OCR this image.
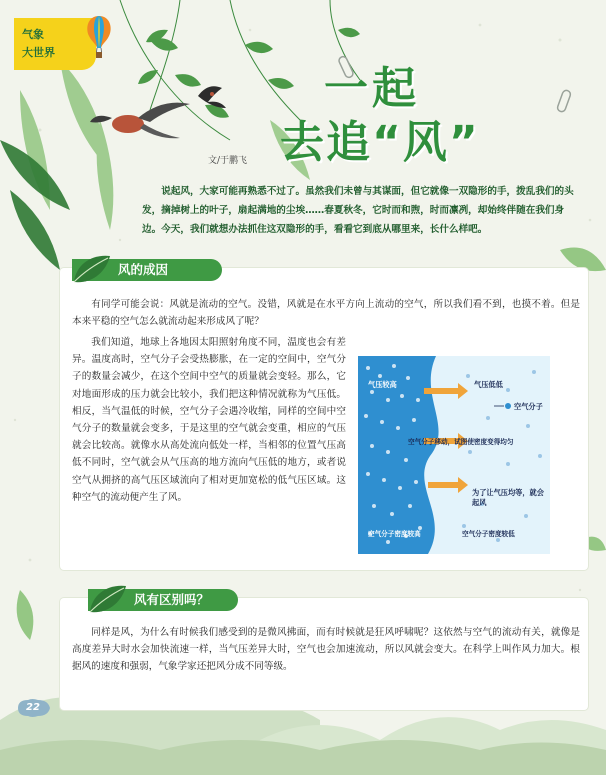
气象
大世界
一起
去追“风”
文/于鹏飞

说起风，大家可能再熟悉不过了。虽然我们未曾与其谋面，但它就像一双隐形的手，拨乱我们的头发，摘掉树上的叶子，扇起满地的尘埃……春夏秋冬，它时而和煦，时而凛冽，却始终伴随在我们身边。今天，我们就想办法抓住这双隐形的手，看看它到底从哪里来，长什么样吧。

风的成因

有同学可能会说：风就是流动的空气。没错，风就是在水平方向上流动的空气，所以我们看不到，也摸不着。但是本来平稳的空气怎么就流动起来形成风了呢？

我们知道，地球上各地因太阳照射角度不同，温度也会有差异。温度高时，空气分子会受热膨胀，在一定的空间中，空气分子的数量会减少，在这个空间中空气的质量就会变轻。那么，它对地面形成的压力就会比较小，我们把这种情况就称为气压低。相反，当气温低的时候，空气分子会遇冷收缩，同样的空间中空气分子的数量就会变多，于是这里的空气就会变重，相应的气压就会比较高。就像水从高处流向低处一样，当相邻的位置气压高低不同时，空气就会从气压高的地方流向气压低的地方，或者说空气从拥挤的高气压区域流向了相对更加宽松的低气压区域。这种空气的流动便产生了风。

气压较高	气压低低
空气分子
空气分子移动，试图使密度变得均匀
为了让气压均等，就会起风
空气分子密度较高	空气分子密度较低
风有区别吗？

同样是风，为什么有时候我们感受到的是微风拂面，而有时候就是狂风呼啸呢？这依然与空气的流动有关，就像是高度差异大时水会加快流速一样，当气压差异大时，空气也会加速流动，所以风就会变大。在科学上叫作风力加大。根据风的速度和强弱，气象学家还把风分成不同等级。

22
